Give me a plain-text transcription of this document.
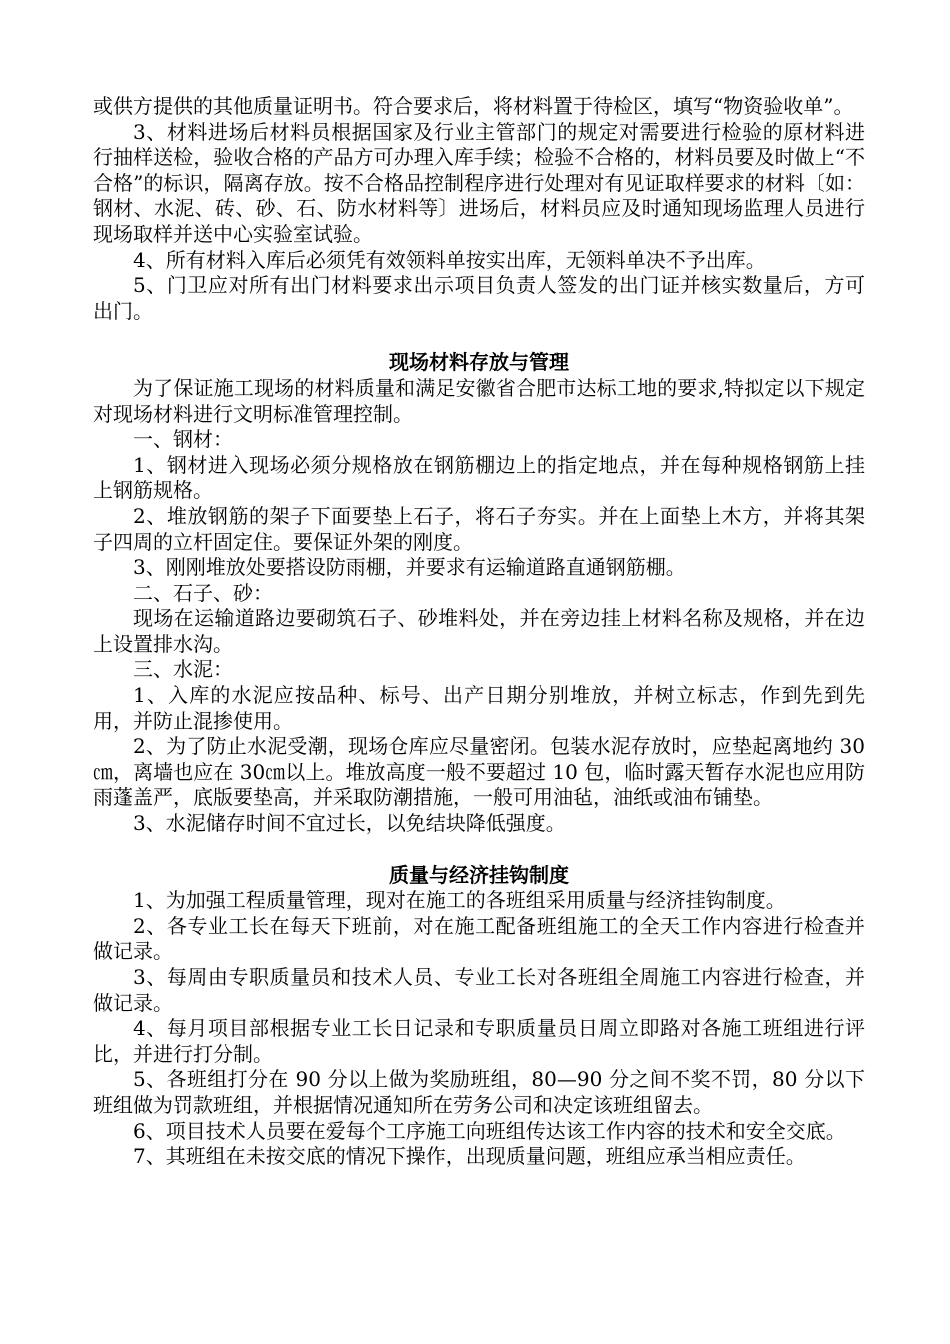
或供方提供的其他质量证明书。符合要求后，将材料置于待检区，填写“物资验收单”。

3、材料进场后材料员根据国家及行业主管部门的规定对需要进行检验的原材料进行抽样送检，验收合格的产品方可办理入库手续；检验不合格的，材料员要及时做上“不合格”的标识，隔离存放。按不合格品控制程序进行处理对有见证取样要求的材料〔如：钢材、水泥、砖、砂、石、防水材料等〕进场后，材料员应及时通知现场监理人员进行现场取样并送中心实验室试验。

4、所有材料入库后必须凭有效领料单按实出库，无领料单决不予出库。

5、门卫应对所有出门材料要求出示项目负责人签发的出门证并核实数量后，方可出门。

现场材料存放与管理

为了保证施工现场的材料质量和满足安徽省合肥市达标工地的要求,特拟定以下规定对现场材料进行文明标准管理控制。

一、钢材：

1、钢材进入现场必须分规格放在钢筋棚边上的指定地点，并在每种规格钢筋上挂上钢筋规格。

2、堆放钢筋的架子下面要垫上石子，将石子夯实。并在上面垫上木方，并将其架子四周的立杆固定住。要保证外架的刚度。

3、刚刚堆放处要搭设防雨棚，并要求有运输道路直通钢筋棚。

二、石子、砂：

现场在运输道路边要砌筑石子、砂堆料处，并在旁边挂上材料名称及规格，并在边上设置排水沟。

三、水泥：

1、入库的水泥应按品种、标号、出产日期分别堆放，并树立标志，作到先到先用，并防止混掺使用。

2、为了防止水泥受潮，现场仓库应尽量密闭。包装水泥存放时，应垫起离地约 30㎝，离墙也应在 30㎝以上。堆放高度一般不要超过 10 包，临时露天暂存水泥也应用防雨蓬盖严，底版要垫高，并采取防潮措施，一般可用油毡，油纸或油布铺垫。

3、水泥储存时间不宜过长，以免结块降低强度。

质量与经济挂钩制度

1、为加强工程质量管理，现对在施工的各班组采用质量与经济挂钩制度。

2、各专业工长在每天下班前，对在施工配备班组施工的全天工作内容进行检查并做记录。

3、每周由专职质量员和技术人员、专业工长对各班组全周施工内容进行检查，并做记录。

4、每月项目部根据专业工长日记录和专职质量员日周立即路对各施工班组进行评比，并进行打分制。

5、各班组打分在 90 分以上做为奖励班组，80—90 分之间不奖不罚，80 分以下班组做为罚款班组，并根据情况通知所在劳务公司和决定该班组留去。

6、项目技术人员要在爱每个工序施工向班组传达该工作内容的技术和安全交底。

7、其班组在未按交底的情况下操作，出现质量问题，班组应承当相应责任。
